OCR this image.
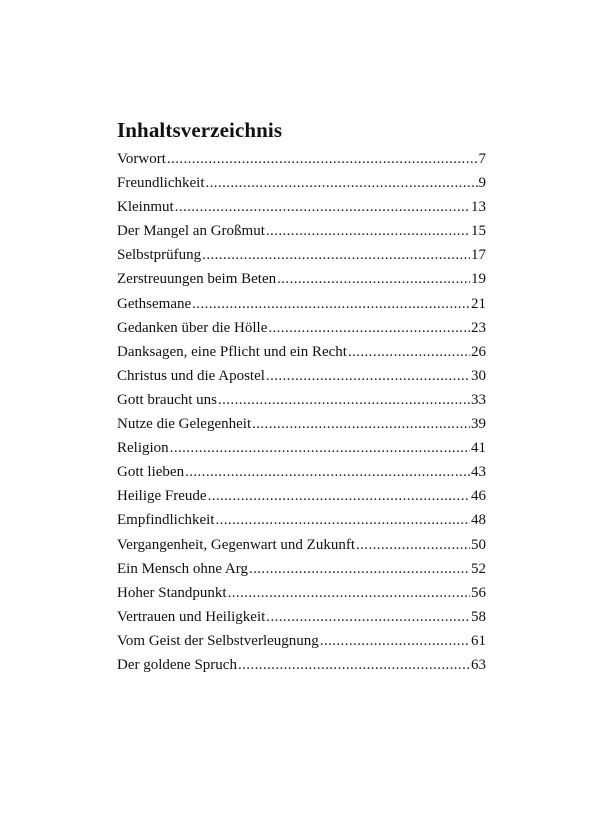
Inhaltsverzeichnis
Vorwort .....	7
Freundlichkeit .....	9
Kleinmut .....	13
Der Mangel an Großmut .....	15
Selbstprüfung .....	17
Zerstreuungen beim Beten .....	19
Gethsemane .....	21
Gedanken über die Hölle .....	23
Danksagen, eine Pflicht und ein Recht .....	26
Christus und die Apostel .....	30
Gott braucht uns .....	33
Nutze die Gelegenheit .....	39
Religion .....	41
Gott lieben .....	43
Heilige Freude .....	46
Empfindlichkeit .....	48
Vergangenheit, Gegenwart und Zukunft .....	50
Ein Mensch ohne Arg .....	52
Hoher Standpunkt .....	56
Vertrauen und Heiligkeit .....	58
Vom Geist der Selbstverleugnung .....	61
Der goldene Spruch .....	63
